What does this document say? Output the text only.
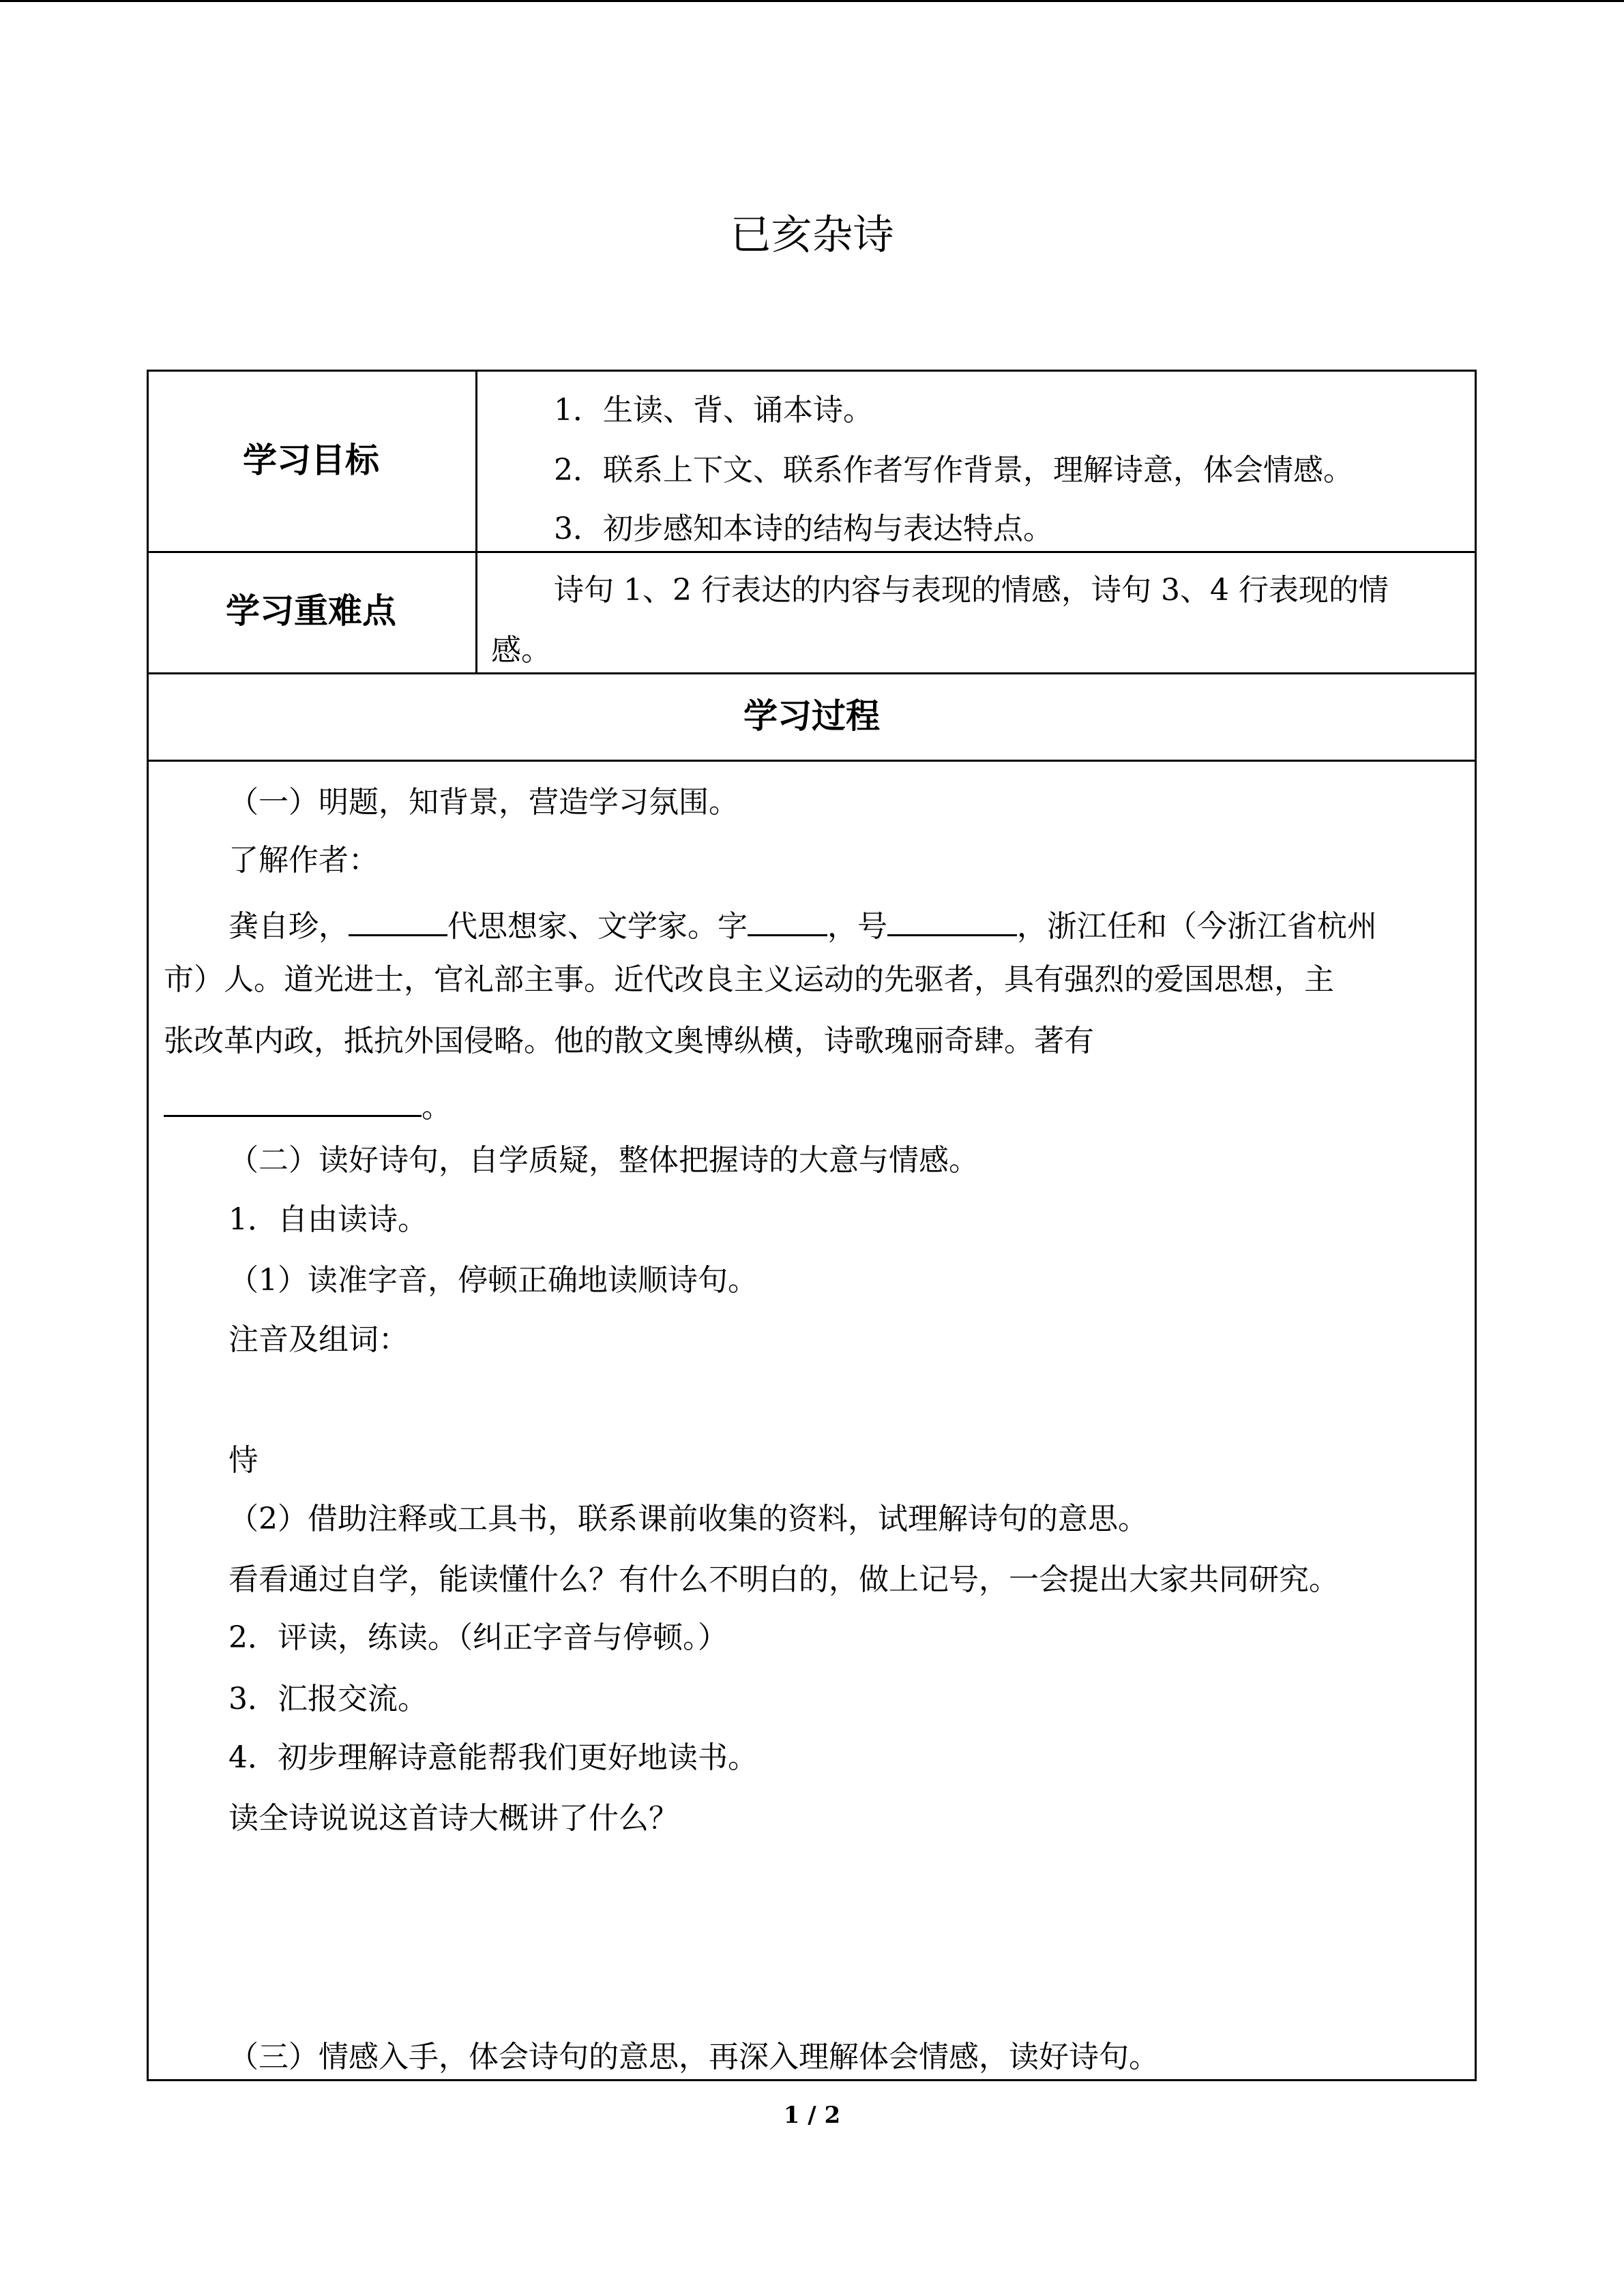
已亥杂诗
学习目标
1．生读、背、诵本诗。
2．联系上下文、联系作者写作背景，理解诗意，体会情感。
3．初步感知本诗的结构与表达特点。
学习重难点
诗句 1、2 行表达的内容与表现的情感，诗句 3、4 行表现的情
感。
学习过程
（一）明题，知背景，营造学习氛围。
了解作者：
龚自珍，	代思想家、文学家。字	，号	，浙江任和（今浙江省杭州
市）人。道光进士，官礼部主事。近代改良主义运动的先驱者，具有强烈的爱国思想，主
张改革内政，抵抗外国侵略。他的散文奥博纵横，诗歌瑰丽奇肆。著有
。
（二）读好诗句，自学质疑，整体把握诗的大意与情感。
1．自由读诗。
（1）读准字音，停顿正确地读顺诗句。
注音及组词：
恃
（2）借助注释或工具书，联系课前收集的资料，试理解诗句的意思。
看看通过自学，能读懂什么？有什么不明白的，做上记号，一会提出大家共同研究。
2．评读，练读。（纠正字音与停顿。）
3．汇报交流。
4．初步理解诗意能帮我们更好地读书。
读全诗说说这首诗大概讲了什么？
（三）情感入手，体会诗句的意思，再深入理解体会情感，读好诗句。
1 / 2
